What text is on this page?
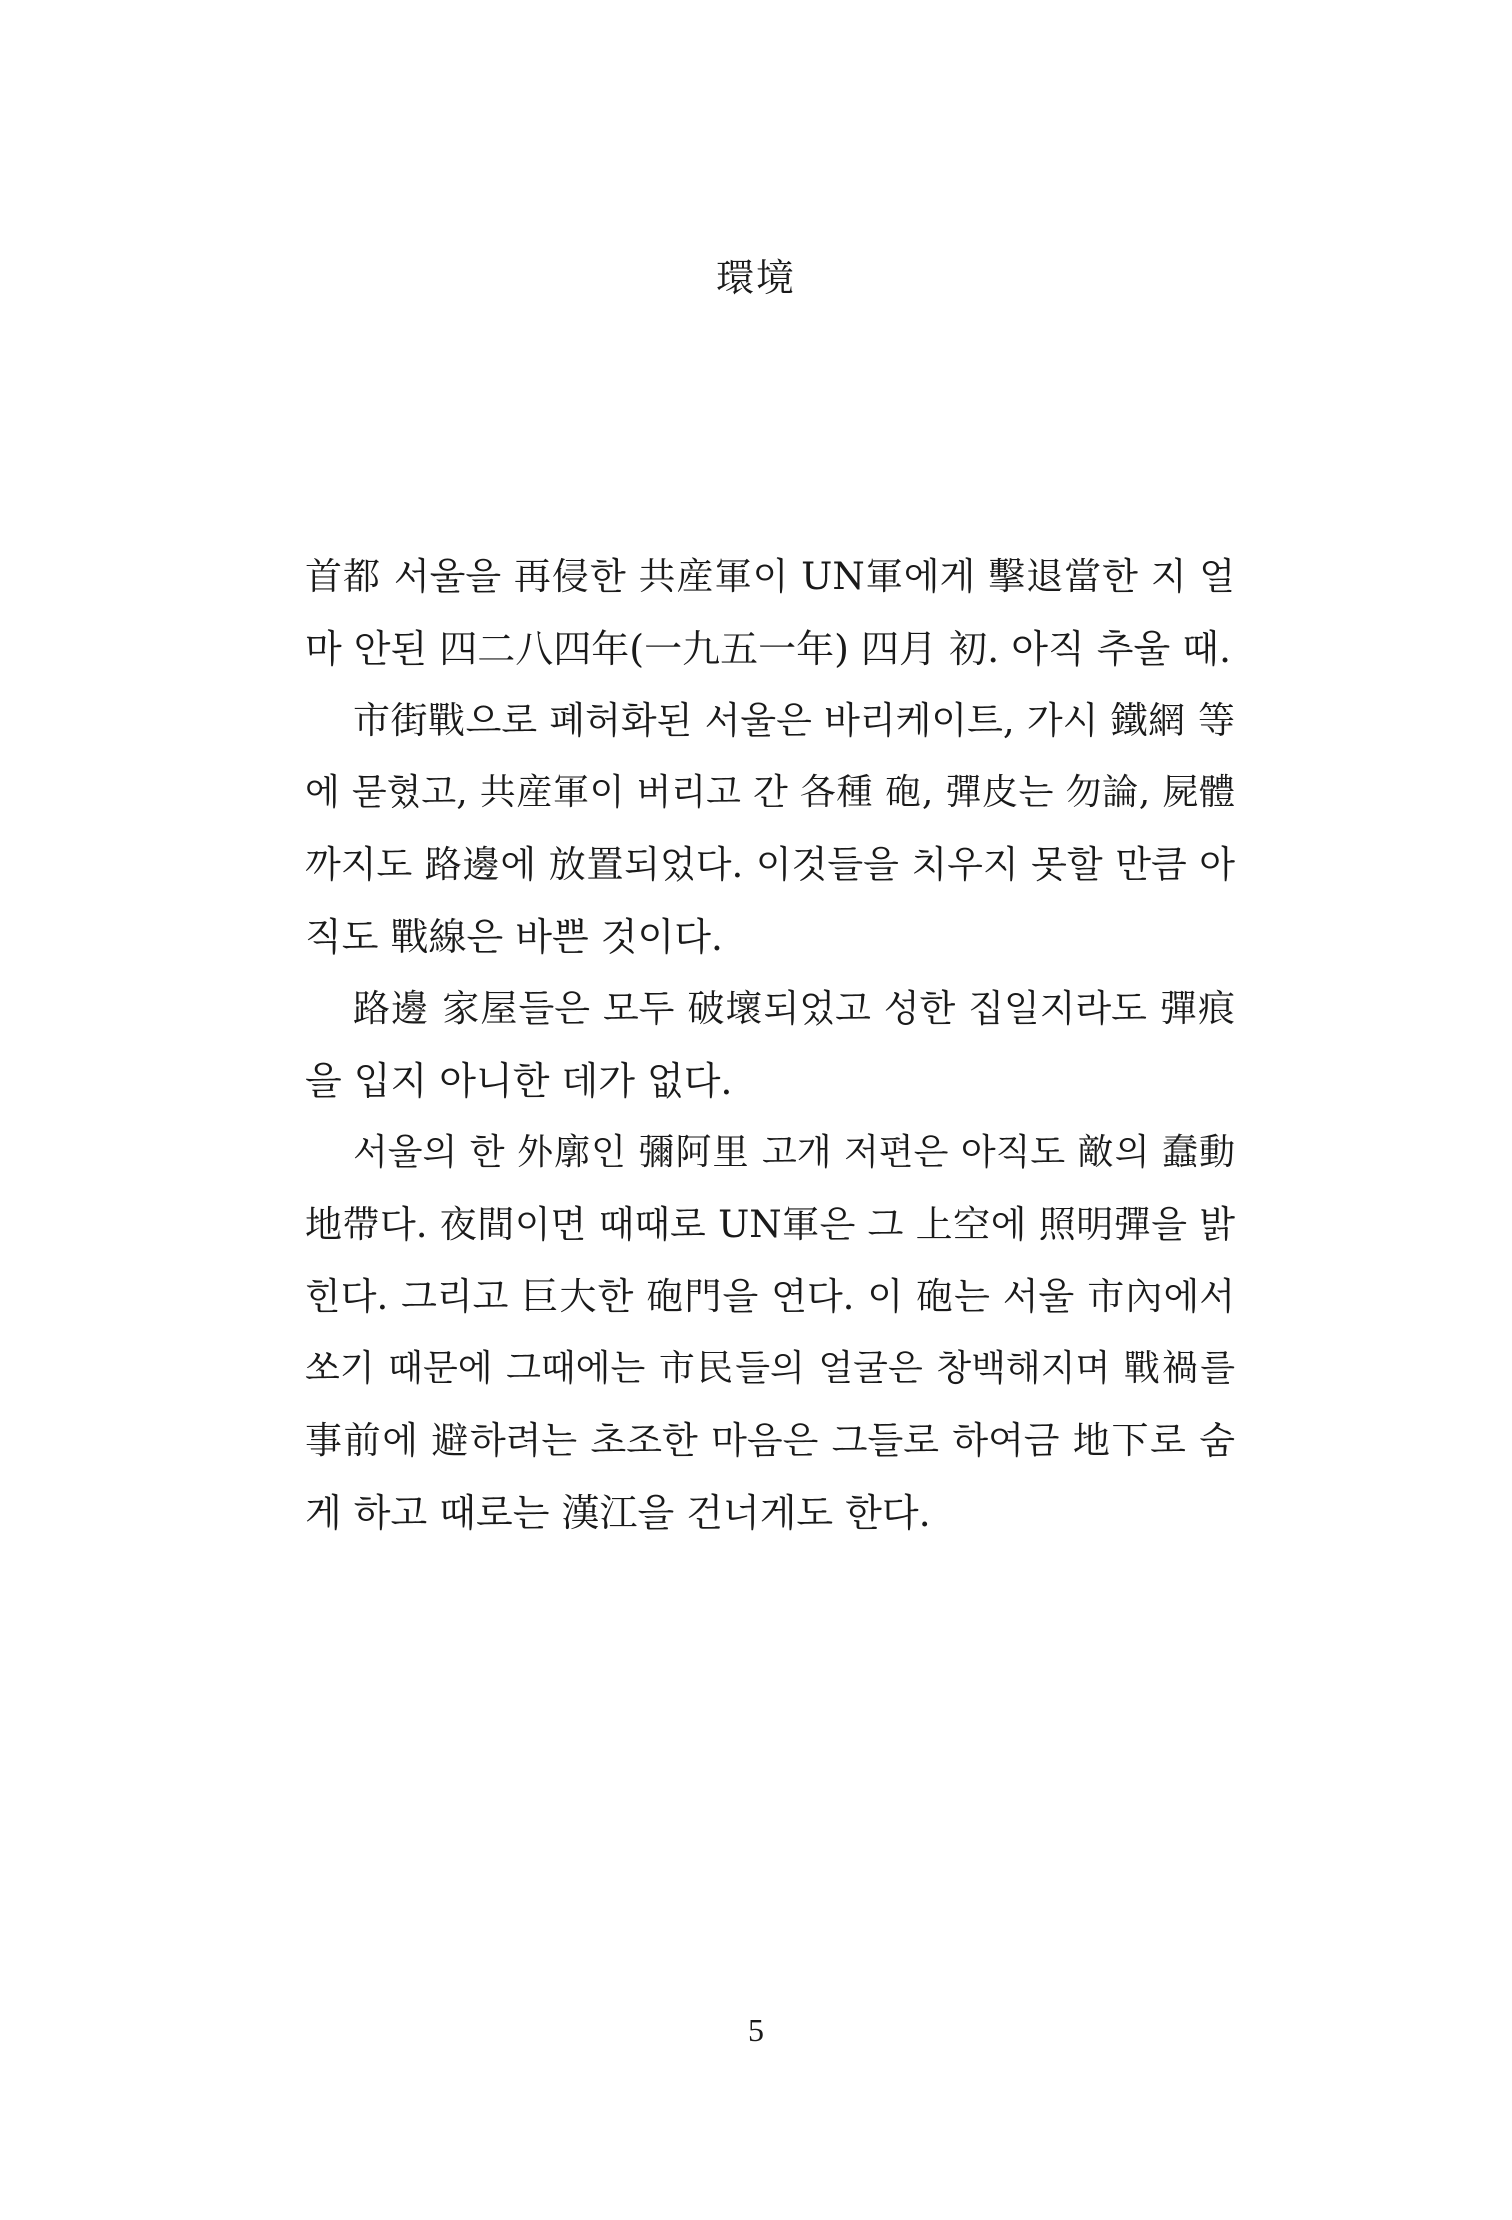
環境
首都 서울을 再侵한 共産軍이 UN軍에게 擊退當한 지 얼
마 안된 四二八四年(一九五一年) 四月 初. 아직 추울 때.
市街戰으로 폐허화된 서울은 바리케이트, 가시 鐵網 等
에 묻혔고, 共産軍이 버리고 간 各種 砲, 彈皮는 勿論, 屍體
까지도 路邊에 放置되었다. 이것들을 치우지 못할 만큼 아
직도 戰線은 바쁜 것이다.
路邊 家屋들은 모두 破壞되었고 성한 집일지라도 彈痕
을 입지 아니한 데가 없다.
서울의 한 外廓인 彌阿里 고개 저편은 아직도 敵의 蠢動
地帶다. 夜間이면 때때로 UN軍은 그 上空에 照明彈을 밝
힌다. 그리고 巨大한 砲門을 연다. 이 砲는 서울 市內에서
쏘기 때문에 그때에는 市民들의 얼굴은 창백해지며 戰禍를
事前에 避하려는 초조한 마음은 그들로 하여금 地下로 숨
게 하고 때로는 漢江을 건너게도 한다.
5
